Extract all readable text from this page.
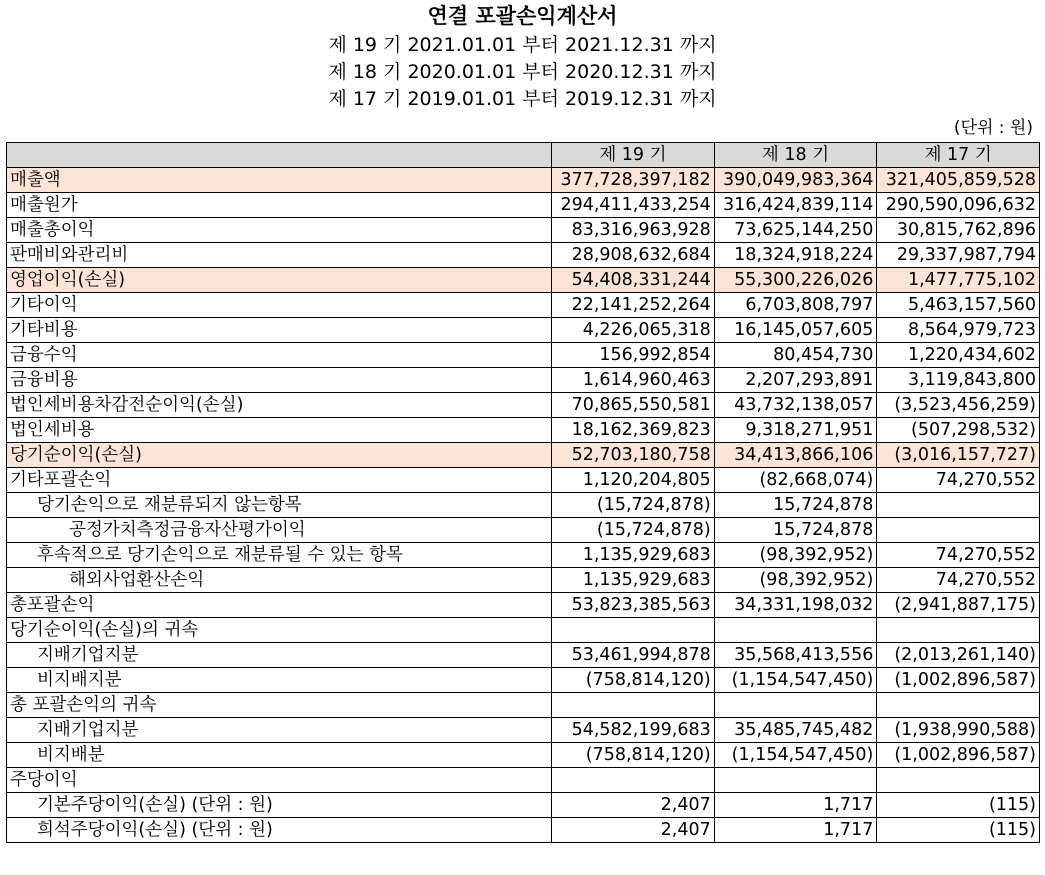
연결 포괄손익계산서
제 19 기 2021.01.01 부터 2021.12.31 까지
제 18 기 2020.01.01 부터 2020.12.31 까지
제 17 기 2019.01.01 부터 2019.12.31 까지
(단위 : 원)
	제 19 기	제 18 기	제 17 기
매출액	377,728,397,182	390,049,983,364	321,405,859,528
매출원가	294,411,433,254	316,424,839,114	290,590,096,632
매출총이익	83,316,963,928	73,625,144,250	30,815,762,896
판매비와관리비	28,908,632,684	18,324,918,224	29,337,987,794
영업이익(손실)	54,408,331,244	55,300,226,026	1,477,775,102
기타이익	22,141,252,264	6,703,808,797	5,463,157,560
기타비용	4,226,065,318	16,145,057,605	8,564,979,723
금융수익	156,992,854	80,454,730	1,220,434,602
금융비용	1,614,960,463	2,207,293,891	3,119,843,800
법인세비용차감전순이익(손실)	70,865,550,581	43,732,138,057	(3,523,456,259)
법인세비용	18,162,369,823	9,318,271,951	(507,298,532)
당기순이익(손실)	52,703,180,758	34,413,866,106	(3,016,157,727)
기타포괄손익	1,120,204,805	(82,668,074)	74,270,552
당기손익으로 재분류되지 않는항목	(15,724,878)	15,724,878	
공정가치측정금융자산평가이익	(15,724,878)	15,724,878	
후속적으로 당기손익으로 재분류될 수 있는 항목	1,135,929,683	(98,392,952)	74,270,552
해외사업환산손익	1,135,929,683	(98,392,952)	74,270,552
총포괄손익	53,823,385,563	34,331,198,032	(2,941,887,175)
당기순이익(손실)의 귀속			
지배기업지분	53,461,994,878	35,568,413,556	(2,013,261,140)
비지배지분	(758,814,120)	(1,154,547,450)	(1,002,896,587)
총 포괄손익의 귀속			
지배기업지분	54,582,199,683	35,485,745,482	(1,938,990,588)
비지배분	(758,814,120)	(1,154,547,450)	(1,002,896,587)
주당이익			
기본주당이익(손실) (단위 : 원)	2,407	1,717	(115)
희석주당이익(손실) (단위 : 원)	2,407	1,717	(115)
